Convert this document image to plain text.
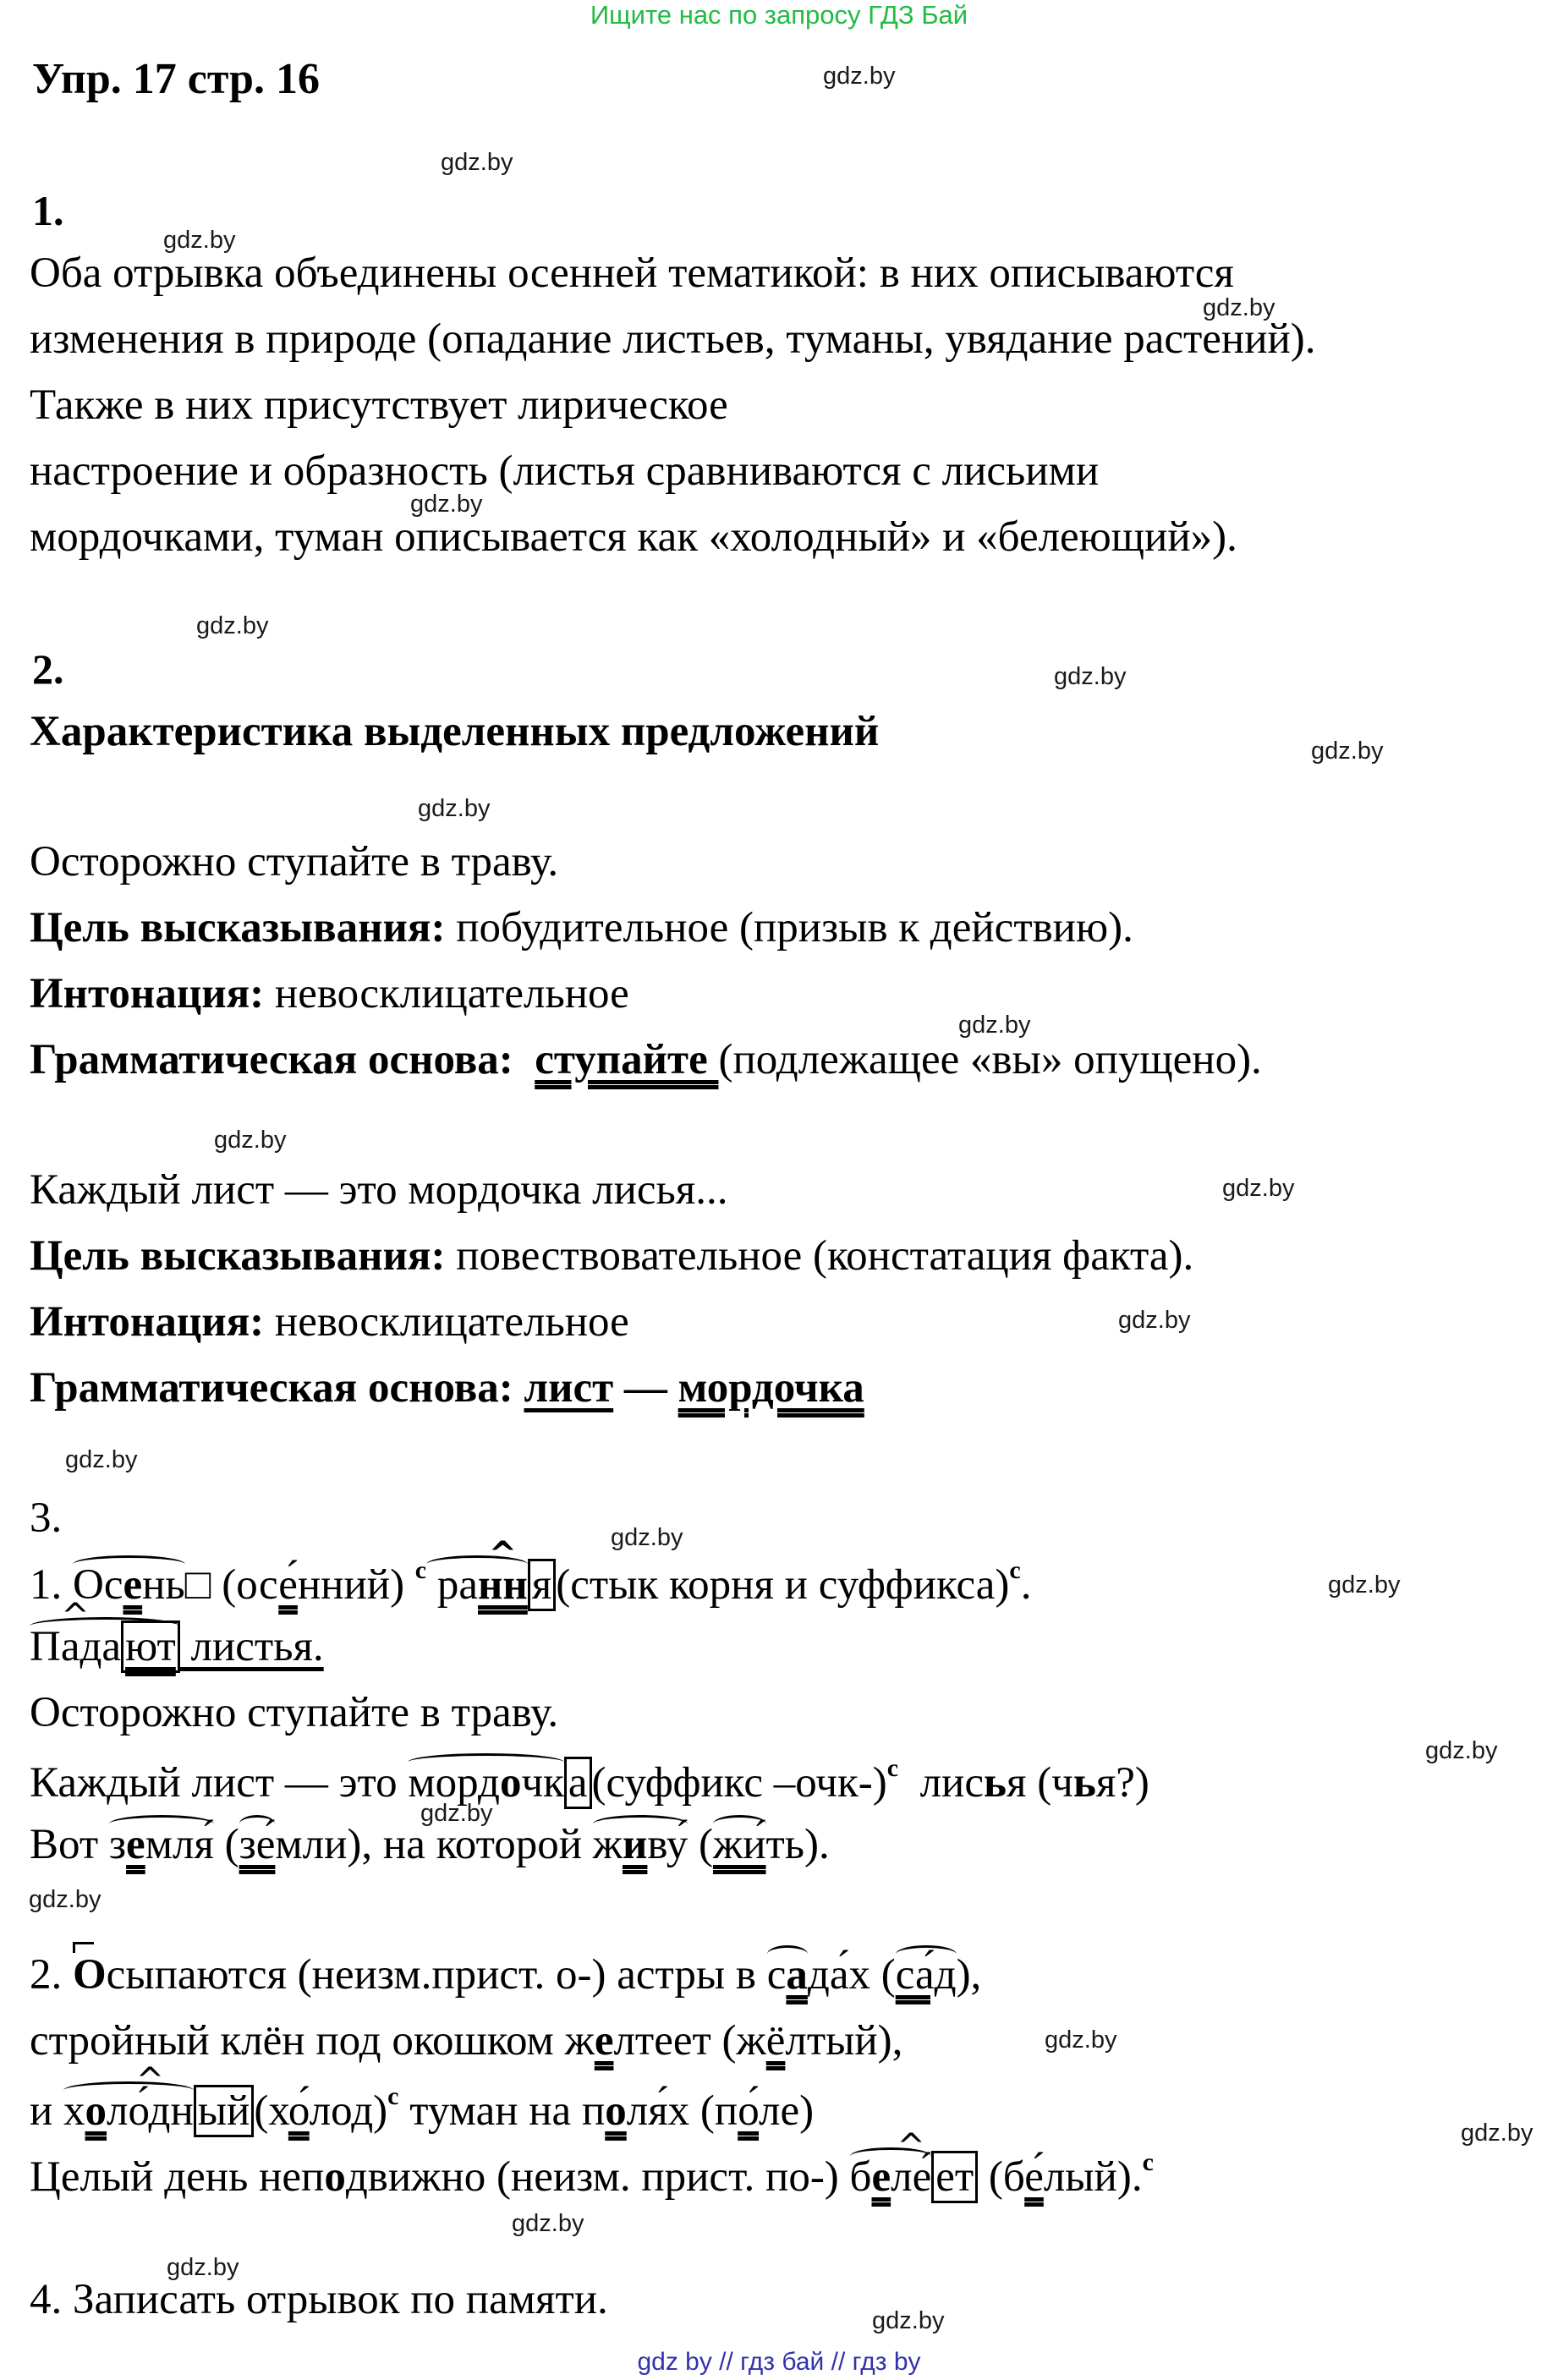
Ищите нас по запросу ГДЗ Бай
Упр. 17 стр. 16
1.
Оба отрывка объединены осенней тематикой: в них описываются
изменения в природе (опадание листьев, туманы, увядание растений).
Также в них присутствует лирическое
настроение и образность (листья сравниваются с лисьими
мордочками, туман описывается как «холодный» и «белеющий»).
2.
Характеристика выделенных предложений
Осторожно ступайте в траву.
Цель высказывания: побудительное (призыв к действию).
Интонация: невосклицательное
Грамматическая основа:  ступайте (подлежащее «вы» опущено).
Каждый лист — это мордочка лисья...
Цель высказывания: повествовательное (констатация факта).
Интонация: невосклицательное
Грамматическая основа: лист — мордочка
3.
1. Осень□ (осе́нний) $^с$ ра^ ння(стык корня и суффикса)$^с$.
^ Падают листья.
Осторожно ступайте в траву.
Каждый лист — это мордочка(суффикс –очк-)$^с$  лисья (чья?)
Вот земля́ (зе́мли), на которой живу́ (жи́ть).
2. Осыпаются (неизм.прист. о-) астры в сада́х (са́д),
стройный клён под окошком желтеет (жёлтый),
и хо^ ло́дный(хо́лод)$^с$ туман на поля́х (по́ле)
Целый день неподвижно (неизм. прист. по-) бе^ ле́ет (бе́лый).$^с$
4. Записать отрывок по памяти.
gdz.by
gdz.by
gdz.by
gdz.by
gdz.by
gdz.by
gdz.by
gdz.by
gdz.by
gdz.by
gdz.by
gdz.by
gdz.by
gdz.by
gdz.by
gdz.by
gdz.by
gdz.by
gdz.by
gdz.by
gdz.by
gdz.by
gdz.by
gdz.by
gdz by // гдз бай // гдз by
